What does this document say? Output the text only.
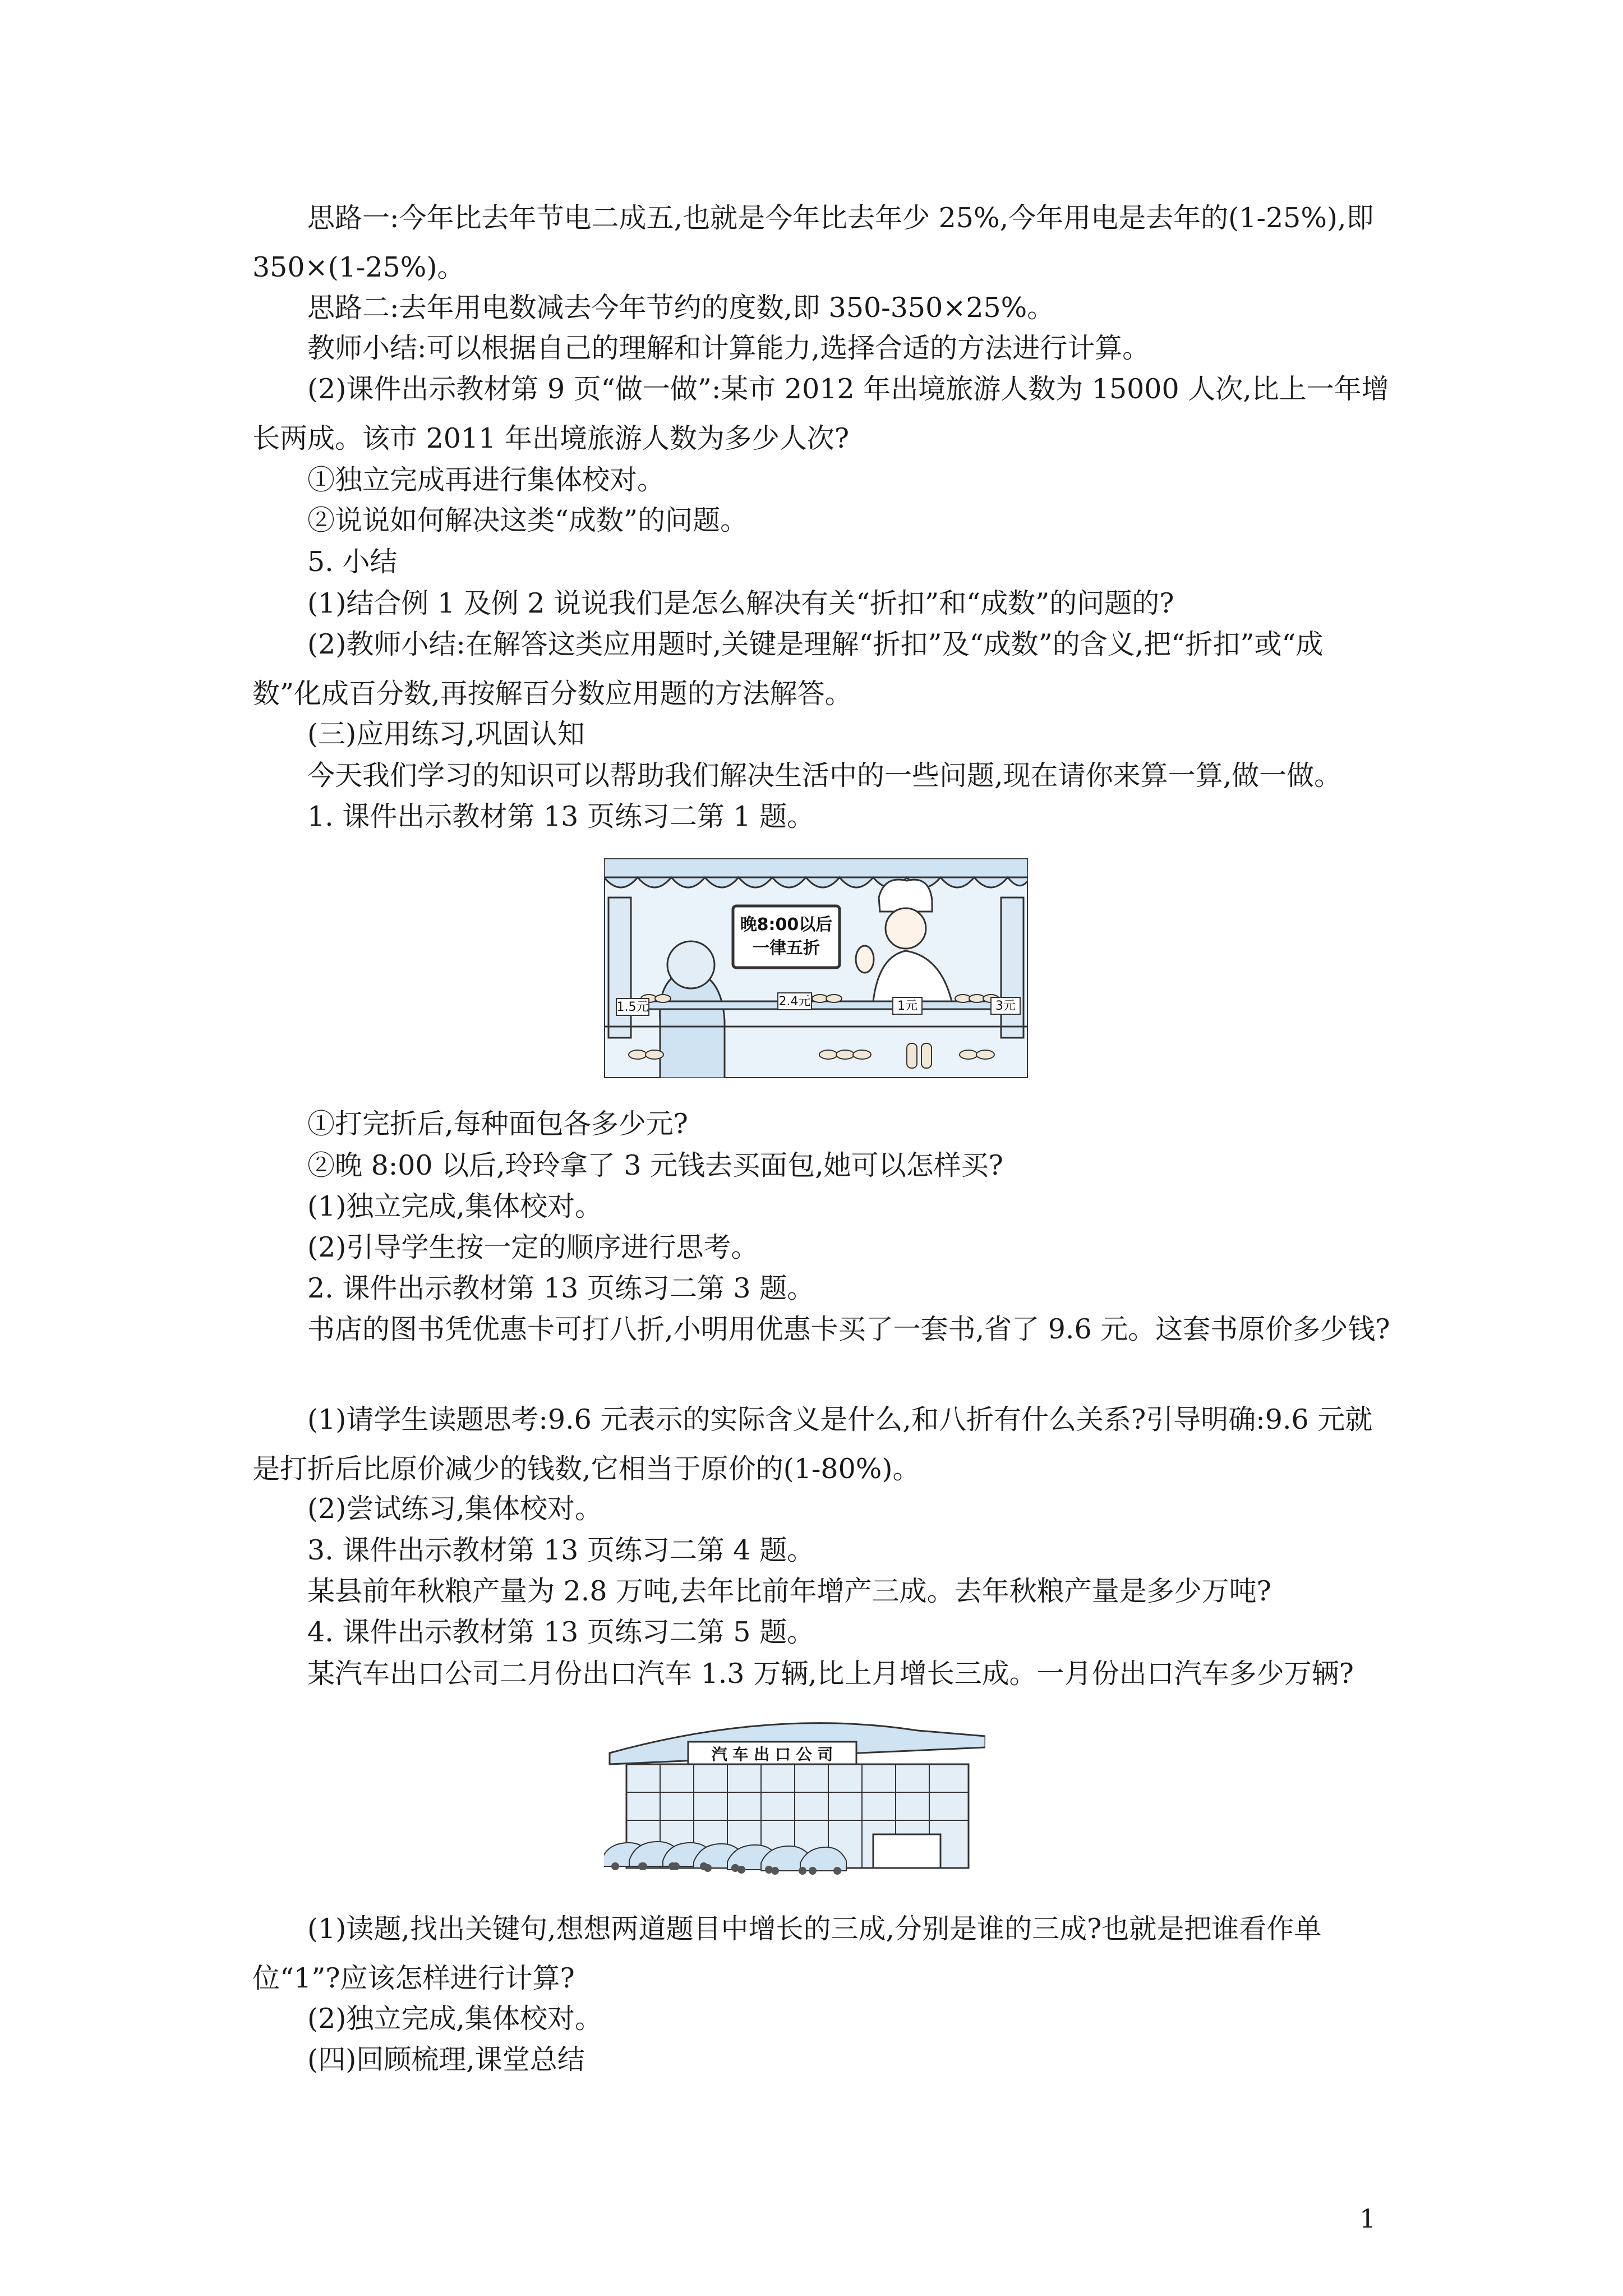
思路一:今年比去年节电二成五,也就是今年比去年少 25%,今年用电是去年的(1-25%),即 350×(1-25%)。

思路二:去年用电数减去今年节约的度数,即 350-350×25%。

教师小结:可以根据自己的理解和计算能力,选择合适的方法进行计算。

(2)课件出示教材第 9 页“做一做”:某市 2012 年出境旅游人数为 15000 人次,比上一年增长两成。该市 2011 年出境旅游人数为多少人次?

①独立完成再进行集体校对。

②说说如何解决这类“成数”的问题。

5. 小结

(1)结合例 1 及例 2 说说我们是怎么解决有关“折扣”和“成数”的问题的?

(2)教师小结:在解答这类应用题时,关键是理解“折扣”及“成数”的含义,把“折扣”或“成数”化成百分数,再按解百分数应用题的方法解答。

(三)应用练习,巩固认知

今天我们学习的知识可以帮助我们解决生活中的一些问题,现在请你来算一算,做一做。

1. 课件出示教材第 13 页练习二第 1 题。

晚8:00以后
一律五折
1.5元	2.4元	1元	3元

①打完折后,每种面包各多少元?

②晚 8:00 以后,玲玲拿了 3 元钱去买面包,她可以怎样买?

(1)独立完成,集体校对。

(2)引导学生按一定的顺序进行思考。

2. 课件出示教材第 13 页练习二第 3 题。

书店的图书凭优惠卡可打八折,小明用优惠卡买了一套书,省了 9.6 元。这套书原价多少钱?

(1)请学生读题思考:9.6 元表示的实际含义是什么,和八折有什么关系?引导明确:9.6 元就是打折后比原价减少的钱数,它相当于原价的(1-80%)。

(2)尝试练习,集体校对。

3. 课件出示教材第 13 页练习二第 4 题。

某县前年秋粮产量为 2.8 万吨,去年比前年增产三成。去年秋粮产量是多少万吨?

4. 课件出示教材第 13 页练习二第 5 题。

某汽车出口公司二月份出口汽车 1.3 万辆,比上月增长三成。一月份出口汽车多少万辆?

汽 车 出 口 公 司

(1)读题,找出关键句,想想两道题目中增长的三成,分别是谁的三成?也就是把谁看作单位“1”?应该怎样进行计算?

(2)独立完成,集体校对。

(四)回顾梳理,课堂总结

1
